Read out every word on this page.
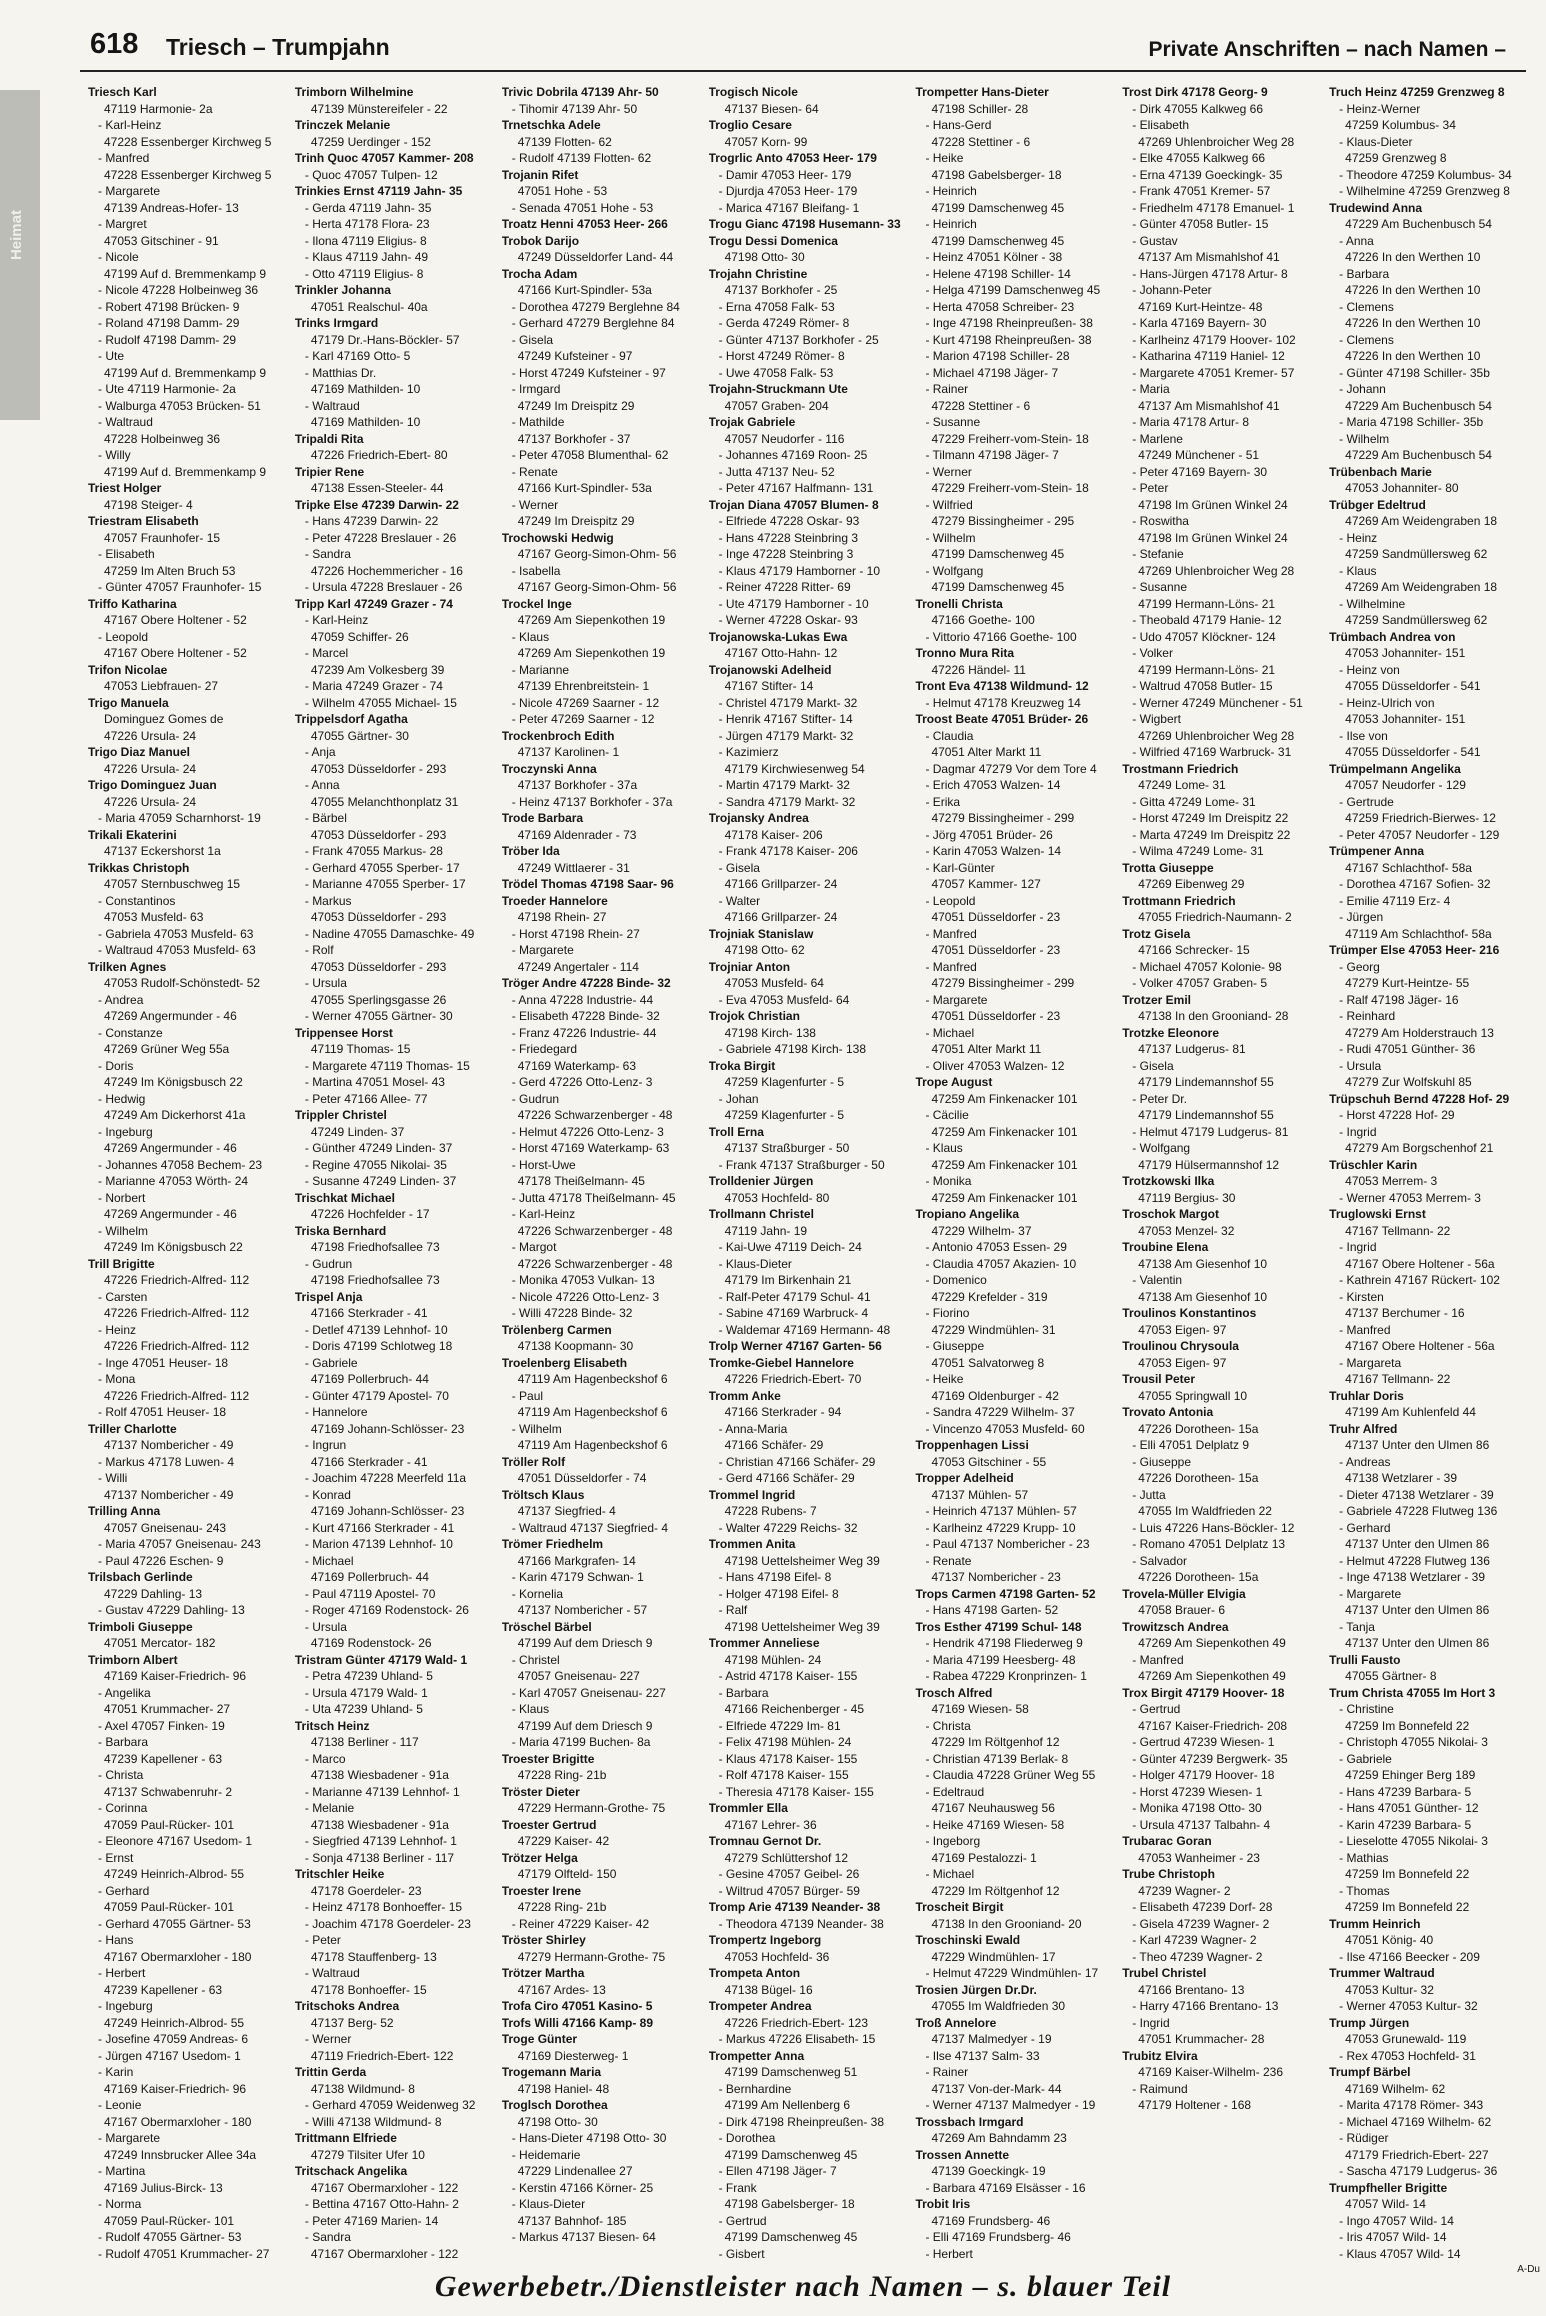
618 Triesch – Trumpjahn	Private Anschriften – nach Namen –
Heimat
Triesch Karl
47119 Harmonie- 2a
- Karl-Heinz
47228 Essenberger Kirchweg 5
- Manfred
47228 Essenberger Kirchweg 5
- Margarete
47139 Andreas-Hofer- 13
- Margret
47053 Gitschiner - 91
- Nicole
47199 Auf d. Bremmenkamp 9
- Nicole 47228 Holbeinweg 36
- Robert 47198 Brücken- 9
- Roland 47198 Damm- 29
- Rudolf 47198 Damm- 29
- Ute
47199 Auf d. Bremmenkamp 9
- Ute 47119 Harmonie- 2a
- Walburga 47053 Brücken- 51
- Waltraud
47228 Holbeinweg 36
- Willy
47199 Auf d. Bremmenkamp 9
Triest Holger
47198 Steiger- 4
Triestram Elisabeth
47057 Fraunhofer- 15
- Elisabeth
47259 Im Alten Bruch 53
- Günter 47057 Fraunhofer- 15
Triffo Katharina
47167 Obere Holtener - 52
- Leopold
47167 Obere Holtener - 52
Trifon Nicolae
47053 Liebfrauen- 27
Trigo Manuela
Dominguez Gomes de
47226 Ursula- 24
Trigo Diaz Manuel
47226 Ursula- 24
Trigo Dominguez Juan
47226 Ursula- 24
- Maria 47059 Scharnhorst- 19
Trikali Ekaterini
47137 Eckershorst 1a
Trikkas Christoph
47057 Sternbuschweg 15
- Constantinos
47053 Musfeld- 63
- Gabriela 47053 Musfeld- 63
- Waltraud 47053 Musfeld- 63
Trilken Agnes
47053 Rudolf-Schönstedt- 52
- Andrea
47269 Angermunder - 46
- Constanze
47269 Grüner Weg 55a
- Doris
47249 Im Königsbusch 22
- Hedwig
47249 Am Dickerhorst 41a
- Ingeburg
47269 Angermunder - 46
- Johannes 47058 Bechem- 23
- Marianne 47053 Wörth- 24
- Norbert
47269 Angermunder - 46
- Wilhelm
47249 Im Königsbusch 22
Trill Brigitte
47226 Friedrich-Alfred- 112
- Carsten
47226 Friedrich-Alfred- 112
- Heinz
47226 Friedrich-Alfred- 112
- Inge 47051 Heuser- 18
- Mona
47226 Friedrich-Alfred- 112
- Rolf 47051 Heuser- 18
Triller Charlotte
47137 Nombericher - 49
- Markus 47178 Luwen- 4
- Willi
47137 Nombericher - 49
Trilling Anna
47057 Gneisenau- 243
- Maria 47057 Gneisenau- 243
- Paul 47226 Eschen- 9
Trilsbach Gerlinde
47229 Dahling- 13
- Gustav 47229 Dahling- 13
Trimboli Giuseppe
47051 Mercator- 182
Trimborn Albert
47169 Kaiser-Friedrich- 96
- Angelika
47051 Krummacher- 27
- Axel 47057 Finken- 19
- Barbara
47239 Kapellener - 63
- Christa
47137 Schwabenruhr- 2
- Corinna
47059 Paul-Rücker- 101
- Eleonore 47167 Usedom- 1
- Ernst
47249 Heinrich-Albrod- 55
- Gerhard
47059 Paul-Rücker- 101
- Gerhard 47055 Gärtner- 53
- Hans
47167 Obermarxloher - 180
- Herbert
47239 Kapellener - 63
- Ingeburg
47249 Heinrich-Albrod- 55
- Josefine 47059 Andreas- 6
- Jürgen 47167 Usedom- 1
- Karin
47169 Kaiser-Friedrich- 96
- Leonie
47167 Obermarxloher - 180
- Margarete
47249 Innsbrucker Allee 34a
- Martina
47169 Julius-Birck- 13
- Norma
47059 Paul-Rücker- 101
- Rudolf 47055 Gärtner- 53
- Rudolf 47051 Krummacher- 27
Trimborn Wilhelmine
47139 Münstereifeler - 22
Trinczek Melanie
47259 Uerdinger - 152
Trinh Quoc 47057 Kammer- 208
- Quoc 47057 Tulpen- 12
Trinkies Ernst 47119 Jahn- 35
- Gerda 47119 Jahn- 35
- Herta 47178 Flora- 23
- Ilona 47119 Eligius- 8
- Klaus 47119 Jahn- 49
- Otto 47119 Eligius- 8
Trinkler Johanna
47051 Realschul- 40a
Trinks Irmgard
47179 Dr.-Hans-Böckler- 57
- Karl 47169 Otto- 5
- Matthias Dr.
47169 Mathilden- 10
- Waltraud
47169 Mathilden- 10
Tripaldi Rita
47226 Friedrich-Ebert- 80
Tripier Rene
47138 Essen-Steeler- 44
Tripke Else 47239 Darwin- 22
- Hans 47239 Darwin- 22
- Peter 47228 Breslauer - 26
- Sandra
47226 Hochemmericher - 16
- Ursula 47228 Breslauer - 26
Tripp Karl 47249 Grazer - 74
- Karl-Heinz
47059 Schiffer- 26
- Marcel
47239 Am Volkesberg 39
- Maria 47249 Grazer - 74
- Wilhelm 47055 Michael- 15
Trippelsdorf Agatha
47055 Gärtner- 30
- Anja
47053 Düsseldorfer - 293
- Anna
47055 Melanchthonplatz 31
- Bärbel
47053 Düsseldorfer - 293
- Frank 47055 Markus- 28
- Gerhard 47055 Sperber- 17
- Marianne 47055 Sperber- 17
- Markus
47053 Düsseldorfer - 293
- Nadine 47055 Damaschke- 49
- Rolf
47053 Düsseldorfer - 293
- Ursula
47055 Sperlingsgasse 26
- Werner 47055 Gärtner- 30
Trippensee Horst
47119 Thomas- 15
- Margarete 47119 Thomas- 15
- Martina 47051 Mosel- 43
- Peter 47166 Allee- 77
Trippler Christel
47249 Linden- 37
- Günther 47249 Linden- 37
- Regine 47055 Nikolai- 35
- Susanne 47249 Linden- 37
Trischkat Michael
47226 Hochfelder - 17
Triska Bernhard
47198 Friedhofsallee 73
- Gudrun
47198 Friedhofsallee 73
Trispel Anja
47166 Sterkrader - 41
- Detlef 47139 Lehnhof- 10
- Doris 47199 Schlotweg 18
- Gabriele
47169 Pollerbruch- 44
- Günter 47179 Apostel- 70
- Hannelore
47169 Johann-Schlösser- 23
- Ingrun
47166 Sterkrader - 41
- Joachim 47228 Meerfeld 11a
- Konrad
47169 Johann-Schlösser- 23
- Kurt 47166 Sterkrader - 41
- Marion 47139 Lehnhof- 10
- Michael
47169 Pollerbruch- 44
- Paul 47119 Apostel- 70
- Roger 47169 Rodenstock- 26
- Ursula
47169 Rodenstock- 26
Tristram Günter 47179 Wald- 1
- Petra 47239 Uhland- 5
- Ursula 47179 Wald- 1
- Uta 47239 Uhland- 5
Tritsch Heinz
47138 Berliner - 117
- Marco
47138 Wiesbadener - 91a
- Marianne 47139 Lehnhof- 1
- Melanie
47138 Wiesbadener - 91a
- Siegfried 47139 Lehnhof- 1
- Sonja 47138 Berliner - 117
Tritschler Heike
47178 Goerdeler- 23
- Heinz 47178 Bonhoeffer- 15
- Joachim 47178 Goerdeler- 23
- Peter
47178 Stauffenberg- 13
- Waltraud
47178 Bonhoeffer- 15
Tritschoks Andrea
47137 Berg- 52
- Werner
47119 Friedrich-Ebert- 122
Trittin Gerda
47138 Wildmund- 8
- Gerhard 47059 Weidenweg 32
- Willi 47138 Wildmund- 8
Trittmann Elfriede
47279 Tilsiter Ufer 10
Tritschack Angelika
47167 Obermarxloher - 122
- Bettina 47167 Otto-Hahn- 2
- Peter 47169 Marien- 14
- Sandra
47167 Obermarxloher - 122
Trivic Dobrila 47139 Ahr- 50
- Tihomir 47139 Ahr- 50
Trnetschka Adele
47139 Flotten- 62
- Rudolf 47139 Flotten- 62
Trojanin Rifet
47051 Hohe - 53
- Senada 47051 Hohe - 53
Troatz Henni 47053 Heer- 266
Trobok Darijo
47249 Düsseldorfer Land- 44
Trocha Adam
47166 Kurt-Spindler- 53a
- Dorothea 47279 Berglehne 84
- Gerhard 47279 Berglehne 84
- Gisela
47249 Kufsteiner - 97
- Horst 47249 Kufsteiner - 97
- Irmgard
47249 Im Dreispitz 29
- Mathilde
47137 Borkhofer - 37
- Peter 47058 Blumenthal- 62
- Renate
47166 Kurt-Spindler- 53a
- Werner
47249 Im Dreispitz 29
Trochowski Hedwig
47167 Georg-Simon-Ohm- 56
- Isabella
47167 Georg-Simon-Ohm- 56
Trockel Inge
47269 Am Siepenkothen 19
- Klaus
47269 Am Siepenkothen 19
- Marianne
47139 Ehrenbreitstein- 1
- Nicole 47269 Saarner - 12
- Peter 47269 Saarner - 12
Trockenbroch Edith
47137 Karolinen- 1
Troczynski Anna
47137 Borkhofer - 37a
- Heinz 47137 Borkhofer - 37a
Trode Barbara
47169 Aldenrader - 73
Tröber Ida
47249 Wittlaerer - 31
Trödel Thomas 47198 Saar- 96
Troeder Hannelore
47198 Rhein- 27
- Horst 47198 Rhein- 27
- Margarete
47249 Angertaler - 114
Tröger Andre 47228 Binde- 32
- Anna 47228 Industrie- 44
- Elisabeth 47228 Binde- 32
- Franz 47226 Industrie- 44
- Friedegard
47169 Waterkamp- 63
- Gerd 47226 Otto-Lenz- 3
- Gudrun
47226 Schwarzenberger - 48
- Helmut 47226 Otto-Lenz- 3
- Horst 47169 Waterkamp- 63
- Horst-Uwe
47178 Theißelmann- 45
- Jutta 47178 Theißelmann- 45
- Karl-Heinz
47226 Schwarzenberger - 48
- Margot
47226 Schwarzenberger - 48
- Monika 47053 Vulkan- 13
- Nicole 47226 Otto-Lenz- 3
- Willi 47228 Binde- 32
Trölenberg Carmen
47138 Koopmann- 30
Troelenberg Elisabeth
47119 Am Hagenbeckshof 6
- Paul
47119 Am Hagenbeckshof 6
- Wilhelm
47119 Am Hagenbeckshof 6
Tröller Rolf
47051 Düsseldorfer - 74
Tröltsch Klaus
47137 Siegfried- 4
- Waltraud 47137 Siegfried- 4
Trömer Friedhelm
47166 Markgrafen- 14
- Karin 47179 Schwan- 1
- Kornelia
47137 Nombericher - 57
Tröschel Bärbel
47199 Auf dem Driesch 9
- Christel
47057 Gneisenau- 227
- Karl 47057 Gneisenau- 227
- Klaus
47199 Auf dem Driesch 9
- Maria 47199 Buchen- 8a
Troester Brigitte
47228 Ring- 21b
Tröster Dieter
47229 Hermann-Grothe- 75
Troester Gertrud
47229 Kaiser- 42
Trötzer Helga
47179 Olfteld- 150
Troester Irene
47228 Ring- 21b
- Reiner 47229 Kaiser- 42
Tröster Shirley
47279 Hermann-Grothe- 75
Trötzer Martha
47167 Ardes- 13
Trofa Ciro 47051 Kasino- 5
Trofs Willi 47166 Kamp- 89
Troge Günter
47169 Diesterweg- 1
Trogemann Maria
47198 Haniel- 48
Troglsch Dorothea
47198 Otto- 30
- Hans-Dieter 47198 Otto- 30
- Heidemarie
47229 Lindenallee 27
- Kerstin 47166 Körner- 25
- Klaus-Dieter
47137 Bahnhof- 185
- Markus 47137 Biesen- 64
Trogisch Nicole
47137 Biesen- 64
Troglio Cesare
47057 Korn- 99
Trogrlic Anto 47053 Heer- 179
- Damir 47053 Heer- 179
- Djurdja 47053 Heer- 179
- Marica 47167 Bleifang- 1
Trogu Gianc 47198 Husemann- 33
Trogu Dessi Domenica
47198 Otto- 30
Trojahn Christine
47137 Borkhofer - 25
- Erna 47058 Falk- 53
- Gerda 47249 Römer- 8
- Günter 47137 Borkhofer - 25
- Horst 47249 Römer- 8
- Uwe 47058 Falk- 53
Trojahn-Struckmann Ute
47057 Graben- 204
Trojak Gabriele
47057 Neudorfer - 116
- Johannes 47169 Roon- 25
- Jutta 47137 Neu- 52
- Peter 47167 Halfmann- 131
Trojan Diana 47057 Blumen- 8
- Elfriede 47228 Oskar- 93
- Hans 47228 Steinbring 3
- Inge 47228 Steinbring 3
- Klaus 47179 Hamborner - 10
- Reiner 47228 Ritter- 69
- Ute 47179 Hamborner - 10
- Werner 47228 Oskar- 93
Trojanowska-Lukas Ewa
47167 Otto-Hahn- 12
Trojanowski Adelheid
47167 Stifter- 14
- Christel 47179 Markt- 32
- Henrik 47167 Stifter- 14
- Jürgen 47179 Markt- 32
- Kazimierz
47179 Kirchwiesenweg 54
- Martin 47179 Markt- 32
- Sandra 47179 Markt- 32
Trojansky Andrea
47178 Kaiser- 206
- Frank 47178 Kaiser- 206
- Gisela
47166 Grillparzer- 24
- Walter
47166 Grillparzer- 24
Trojniak Stanislaw
47198 Otto- 62
Trojniar Anton
47053 Musfeld- 64
- Eva 47053 Musfeld- 64
Trojok Christian
47198 Kirch- 138
- Gabriele 47198 Kirch- 138
Troka Birgit
47259 Klagenfurter - 5
- Johan
47259 Klagenfurter - 5
Troll Erna
47137 Straßburger - 50
- Frank 47137 Straßburger - 50
Trolldenier Jürgen
47053 Hochfeld- 80
Trollmann Christel
47119 Jahn- 19
- Kai-Uwe 47119 Deich- 24
- Klaus-Dieter
47179 Im Birkenhain 21
- Ralf-Peter 47179 Schul- 41
- Sabine 47169 Warbruck- 4
- Waldemar 47169 Hermann- 48
Trolp Werner 47167 Garten- 56
Tromke-Giebel Hannelore
47226 Friedrich-Ebert- 70
Tromm Anke
47166 Sterkrader - 94
- Anna-Maria
47166 Schäfer- 29
- Christian 47166 Schäfer- 29
- Gerd 47166 Schäfer- 29
Trommel Ingrid
47228 Rubens- 7
- Walter 47229 Reichs- 32
Trommen Anita
47198 Uettelsheimer Weg 39
- Hans 47198 Eifel- 8
- Holger 47198 Eifel- 8
- Ralf
47198 Uettelsheimer Weg 39
Trommer Anneliese
47198 Mühlen- 24
- Astrid 47178 Kaiser- 155
- Barbara
47166 Reichenberger - 45
- Elfriede 47229 Im- 81
- Felix 47198 Mühlen- 24
- Klaus 47178 Kaiser- 155
- Rolf 47178 Kaiser- 155
- Theresia 47178 Kaiser- 155
Trommler Ella
47167 Lehrer- 36
Tromnau Gernot Dr.
47279 Schlüttershof 12
- Gesine 47057 Geibel- 26
- Wiltrud 47057 Bürger- 59
Tromp Arie 47139 Neander- 38
- Theodora 47139 Neander- 38
Trompertz Ingeborg
47053 Hochfeld- 36
Trompeta Anton
47138 Bügel- 16
Trompeter Andrea
47226 Friedrich-Ebert- 123
- Markus 47226 Elisabeth- 15
Trompetter Anna
47199 Damschenweg 51
- Bernhardine
47199 Am Nellenberg 6
- Dirk 47198 Rheinpreußen- 38
- Dorothea
47199 Damschenweg 45
- Ellen 47198 Jäger- 7
- Frank
47198 Gabelsberger- 18
- Gertrud
47199 Damschenweg 45
- Gisbert
Trompetter Hans-Dieter
47198 Schiller- 28
- Hans-Gerd
47228 Stettiner - 6
- Heike
47198 Gabelsberger- 18
- Heinrich
47199 Damschenweg 45
- Heinrich
47199 Damschenweg 45
- Heinz 47051 Kölner - 38
- Helene 47198 Schiller- 14
- Helga 47199 Damschenweg 45
- Herta 47058 Schreiber- 23
- Inge 47198 Rheinpreußen- 38
- Kurt 47198 Rheinpreußen- 38
- Marion 47198 Schiller- 28
- Michael 47198 Jäger- 7
- Rainer
47228 Stettiner - 6
- Susanne
47229 Freiherr-vom-Stein- 18
- Tilmann 47198 Jäger- 7
- Werner
47229 Freiherr-vom-Stein- 18
- Wilfried
47279 Bissingheimer - 295
- Wilhelm
47199 Damschenweg 45
- Wolfgang
47199 Damschenweg 45
Tronelli Christa
47166 Goethe- 100
- Vittorio 47166 Goethe- 100
Tronno Mura Rita
47226 Händel- 11
Tront Eva 47138 Wildmund- 12
- Helmut 47178 Kreuzweg 14
Troost Beate 47051 Brüder- 26
- Claudia
47051 Alter Markt 11
- Dagmar 47279 Vor dem Tore 4
- Erich 47053 Walzen- 14
- Erika
47279 Bissingheimer - 299
- Jörg 47051 Brüder- 26
- Karin 47053 Walzen- 14
- Karl-Günter
47057 Kammer- 127
- Leopold
47051 Düsseldorfer - 23
- Manfred
47051 Düsseldorfer - 23
- Manfred
47279 Bissingheimer - 299
- Margarete
47051 Düsseldorfer - 23
- Michael
47051 Alter Markt 11
- Oliver 47053 Walzen- 12
Trope August
47259 Am Finkenacker 101
- Cäcilie
47259 Am Finkenacker 101
- Klaus
47259 Am Finkenacker 101
- Monika
47259 Am Finkenacker 101
Tropiano Angelika
47229 Wilhelm- 37
- Antonio 47053 Essen- 29
- Claudia 47057 Akazien- 10
- Domenico
47229 Krefelder - 319
- Fiorino
47229 Windmühlen- 31
- Giuseppe
47051 Salvatorweg 8
- Heike
47169 Oldenburger - 42
- Sandra 47229 Wilhelm- 37
- Vincenzo 47053 Musfeld- 60
Troppenhagen Lissi
47053 Gitschiner - 55
Tropper Adelheid
47137 Mühlen- 57
- Heinrich 47137 Mühlen- 57
- Karlheinz 47229 Krupp- 10
- Paul 47137 Nombericher - 23
- Renate
47137 Nombericher - 23
Trops Carmen 47198 Garten- 52
- Hans 47198 Garten- 52
Tros Esther 47199 Schul- 148
- Hendrik 47198 Fliederweg 9
- Maria 47199 Heesberg- 48
- Rabea 47229 Kronprinzen- 1
Trosch Alfred
47169 Wiesen- 58
- Christa
47229 Im Röltgenhof 12
- Christian 47139 Berlak- 8
- Claudia 47228 Grüner Weg 55
- Edeltraud
47167 Neuhausweg 56
- Heike 47169 Wiesen- 58
- Ingeborg
47169 Pestalozzi- 1
- Michael
47229 Im Röltgenhof 12
Troscheit Birgit
47138 In den Grooniand- 20
Troschinski Ewald
47229 Windmühlen- 17
- Helmut 47229 Windmühlen- 17
Trosien Jürgen Dr.Dr.
47055 Im Waldfrieden 30
Troß Annelore
47137 Malmedyer - 19
- Ilse 47137 Salm- 33
- Rainer
47137 Von-der-Mark- 44
- Werner 47137 Malmedyer - 19
Trossbach Irmgard
47269 Am Bahndamm 23
Trossen Annette
47139 Goeckingk- 19
- Barbara 47169 Elsässer - 16
Trobit Iris
47169 Frundsberg- 46
- Elli 47169 Frundsberg- 46
- Herbert
Trost Dirk 47178 Georg- 9
- Dirk 47055 Kalkweg 66
- Elisabeth
47269 Uhlenbroicher Weg 28
- Elke 47055 Kalkweg 66
- Erna 47139 Goeckingk- 35
- Frank 47051 Kremer- 57
- Friedhelm 47178 Emanuel- 1
- Günter 47058 Butler- 15
- Gustav
47137 Am Mismahlshof 41
- Hans-Jürgen 47178 Artur- 8
- Johann-Peter
47169 Kurt-Heintze- 48
- Karla 47169 Bayern- 30
- Karlheinz 47179 Hoover- 102
- Katharina 47119 Haniel- 12
- Margarete 47051 Kremer- 57
- Maria
47137 Am Mismahlshof 41
- Maria 47178 Artur- 8
- Marlene
47249 Münchener - 51
- Peter 47169 Bayern- 30
- Peter
47198 Im Grünen Winkel 24
- Roswitha
47198 Im Grünen Winkel 24
- Stefanie
47269 Uhlenbroicher Weg 28
- Susanne
47199 Hermann-Löns- 21
- Theobald 47179 Hanie- 12
- Udo 47057 Klöckner- 124
- Volker
47199 Hermann-Löns- 21
- Waltrud 47058 Butler- 15
- Werner 47249 Münchener - 51
- Wigbert
47269 Uhlenbroicher Weg 28
- Wilfried 47169 Warbruck- 31
Trostmann Friedrich
47249 Lome- 31
- Gitta 47249 Lome- 31
- Horst 47249 Im Dreispitz 22
- Marta 47249 Im Dreispitz 22
- Wilma 47249 Lome- 31
Trotta Giuseppe
47269 Eibenweg 29
Trottmann Friedrich
47055 Friedrich-Naumann- 2
Trotz Gisela
47166 Schrecker- 15
- Michael 47057 Kolonie- 98
- Volker 47057 Graben- 5
Trotzer Emil
47138 In den Grooniand- 28
Trotzke Eleonore
47137 Ludgerus- 81
- Gisela
47179 Lindemannshof 55
- Peter Dr.
47179 Lindemannshof 55
- Helmut 47179 Ludgerus- 81
- Wolfgang
47179 Hülsermannshof 12
Trotzkowski Ilka
47119 Bergius- 30
Troschok Margot
47053 Menzel- 32
Troubine Elena
47138 Am Giesenhof 10
- Valentin
47138 Am Giesenhof 10
Troulinos Konstantinos
47053 Eigen- 97
Troulinou Chrysoula
47053 Eigen- 97
Trousil Peter
47055 Springwall 10
Trovato Antonia
47226 Dorotheen- 15a
- Elli 47051 Delplatz 9
- Giuseppe
47226 Dorotheen- 15a
- Jutta
47055 Im Waldfrieden 22
- Luis 47226 Hans-Böckler- 12
- Romano 47051 Delplatz 13
- Salvador
47226 Dorotheen- 15a
Trovela-Müller Elvigia
47058 Brauer- 6
Trowitzsch Andrea
47269 Am Siepenkothen 49
- Manfred
47269 Am Siepenkothen 49
Trox Birgit 47179 Hoover- 18
- Gertrud
47167 Kaiser-Friedrich- 208
- Gertrud 47239 Wiesen- 1
- Günter 47239 Bergwerk- 35
- Holger 47179 Hoover- 18
- Horst 47239 Wiesen- 1
- Monika 47198 Otto- 30
- Ursula 47137 Talbahn- 4
Trubarac Goran
47053 Wanheimer - 23
Trube Christoph
47239 Wagner- 2
- Elisabeth 47239 Dorf- 28
- Gisela 47239 Wagner- 2
- Karl 47239 Wagner- 2
- Theo 47239 Wagner- 2
Trubel Christel
47166 Brentano- 13
- Harry 47166 Brentano- 13
- Ingrid
47051 Krummacher- 28
Trubitz Elvira
47169 Kaiser-Wilhelm- 236
- Raimund
47179 Holtener - 168
Truch Heinz 47259 Grenzweg 8
- Heinz-Werner
47259 Kolumbus- 34
- Klaus-Dieter
47259 Grenzweg 8
- Theodore 47259 Kolumbus- 34
- Wilhelmine 47259 Grenzweg 8
Trudewind Anna
47229 Am Buchenbusch 54
- Anna
47226 In den Werthen 10
- Barbara
47226 In den Werthen 10
- Clemens
47226 In den Werthen 10
- Clemens
47226 In den Werthen 10
- Günter 47198 Schiller- 35b
- Johann
47229 Am Buchenbusch 54
- Maria 47198 Schiller- 35b
- Wilhelm
47229 Am Buchenbusch 54
Trübenbach Marie
47053 Johanniter- 80
Trübger Edeltrud
47269 Am Weidengraben 18
- Heinz
47259 Sandmüllersweg 62
- Klaus
47269 Am Weidengraben 18
- Wilhelmine
47259 Sandmüllersweg 62
Trümbach Andrea von
47053 Johanniter- 151
- Heinz von
47055 Düsseldorfer - 541
- Heinz-Ulrich von
47053 Johanniter- 151
- Ilse von
47055 Düsseldorfer - 541
Trümpelmann Angelika
47057 Neudorfer - 129
- Gertrude
47259 Friedrich-Bierwes- 12
- Peter 47057 Neudorfer - 129
Trümpener Anna
47167 Schlachthof- 58a
- Dorothea 47167 Sofien- 32
- Emilie 47119 Erz- 4
- Jürgen
47119 Am Schlachthof- 58a
Trümper Else 47053 Heer- 216
- Georg
47279 Kurt-Heintze- 55
- Ralf 47198 Jäger- 16
- Reinhard
47279 Am Holderstrauch 13
- Rudi 47051 Günther- 36
- Ursula
47279 Zur Wolfskuhl 85
Trüpschuh Bernd 47228 Hof- 29
- Horst 47228 Hof- 29
- Ingrid
47279 Am Borgschenhof 21
Trüschler Karin
47053 Merrem- 3
- Werner 47053 Merrem- 3
Truglowski Ernst
47167 Tellmann- 22
- Ingrid
47167 Obere Holtener - 56a
- Kathrein 47167 Rückert- 102
- Kirsten
47137 Berchumer - 16
- Manfred
47167 Obere Holtener - 56a
- Margareta
47167 Tellmann- 22
Truhlar Doris
47199 Am Kuhlenfeld 44
Truhr Alfred
47137 Unter den Ulmen 86
- Andreas
47138 Wetzlarer - 39
- Dieter 47138 Wetzlarer - 39
- Gabriele 47228 Flutweg 136
- Gerhard
47137 Unter den Ulmen 86
- Helmut 47228 Flutweg 136
- Inge 47138 Wetzlarer - 39
- Margarete
47137 Unter den Ulmen 86
- Tanja
47137 Unter den Ulmen 86
Trulli Fausto
47055 Gärtner- 8
Trum Christa 47055 Im Hort 3
- Christine
47259 Im Bonnefeld 22
- Christoph 47055 Nikolai- 3
- Gabriele
47259 Ehinger Berg 189
- Hans 47239 Barbara- 5
- Hans 47051 Günther- 12
- Karin 47239 Barbara- 5
- Lieselotte 47055 Nikolai- 3
- Mathias
47259 Im Bonnefeld 22
- Thomas
47259 Im Bonnefeld 22
Trumm Heinrich
47051 König- 40
- Ilse 47166 Beecker - 209
Trummer Waltraud
47053 Kultur- 32
- Werner 47053 Kultur- 32
Trump Jürgen
47053 Grunewald- 119
- Rex 47053 Hochfeld- 31
Trumpf Bärbel
47169 Wilhelm- 62
- Marita 47178 Römer- 343
- Michael 47169 Wilhelm- 62
- Rüdiger
47179 Friedrich-Ebert- 227
- Sascha 47179 Ludgerus- 36
Trumpfheller Brigitte
47057 Wild- 14
- Ingo 47057 Wild- 14
- Iris 47057 Wild- 14
- Klaus 47057 Wild- 14
Gewerbebetr./Dienstleister nach Namen – s. blauer Teil
A-Du
